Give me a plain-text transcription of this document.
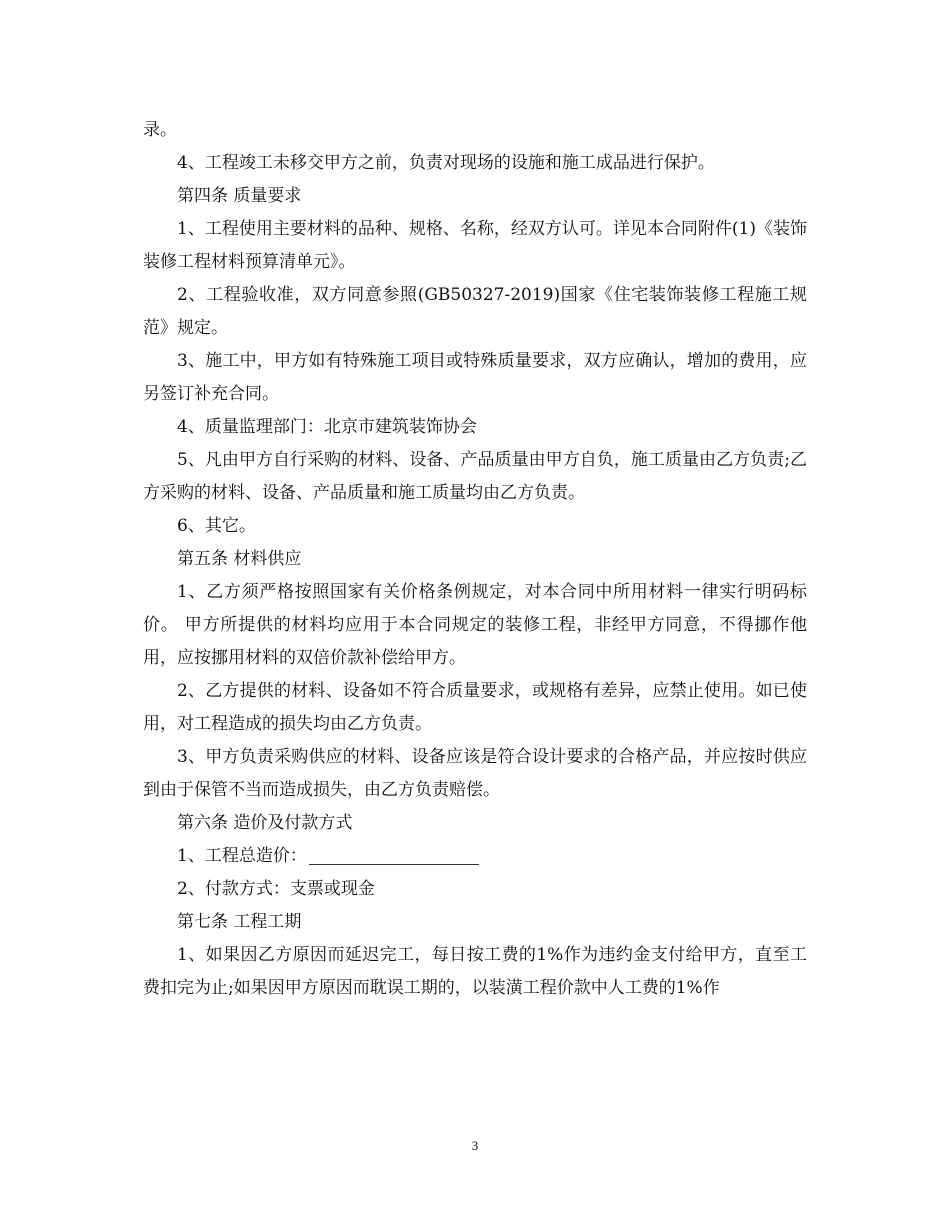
录。

4、工程竣工未移交甲方之前，负责对现场的设施和施工成品进行保护。

第四条 质量要求

1、工程使用主要材料的品种、规格、名称，经双方认可。详见本合同附件(1)《装饰装修工程材料预算清单元》。

2、工程验收准，双方同意参照(GB50327-2019)国家《住宅装饰装修工程施工规范》规定。

3、施工中，甲方如有特殊施工项目或特殊质量要求，双方应确认，增加的费用，应另签订补充合同。

4、质量监理部门：北京市建筑装饰协会

5、凡由甲方自行采购的材料、设备、产品质量由甲方自负，施工质量由乙方负责;乙方采购的材料、设备、产品质量和施工质量均由乙方负责。

6、其它。

第五条 材料供应

1、乙方须严格按照国家有关价格条例规定，对本合同中所用材料一律实行明码标价。 甲方所提供的材料均应用于本合同规定的装修工程，非经甲方同意，不得挪作他用，应按挪用材料的双倍价款补偿给甲方。

2、乙方提供的材料、设备如不符合质量要求，或规格有差异，应禁止使用。如已使用，对工程造成的损失均由乙方负责。

3、甲方负责采购供应的材料、设备应该是符合设计要求的合格产品，并应按时供应到由于保管不当而造成损失，由乙方负责赔偿。

第六条 造价及付款方式

1、工程总造价：

2、付款方式：支票或现金

第七条 工程工期

1、如果因乙方原因而延迟完工，每日按工费的1%作为违约金支付给甲方，直至工费扣完为止;如果因甲方原因而耽误工期的，以装潢工程价款中人工费的1%作

3
